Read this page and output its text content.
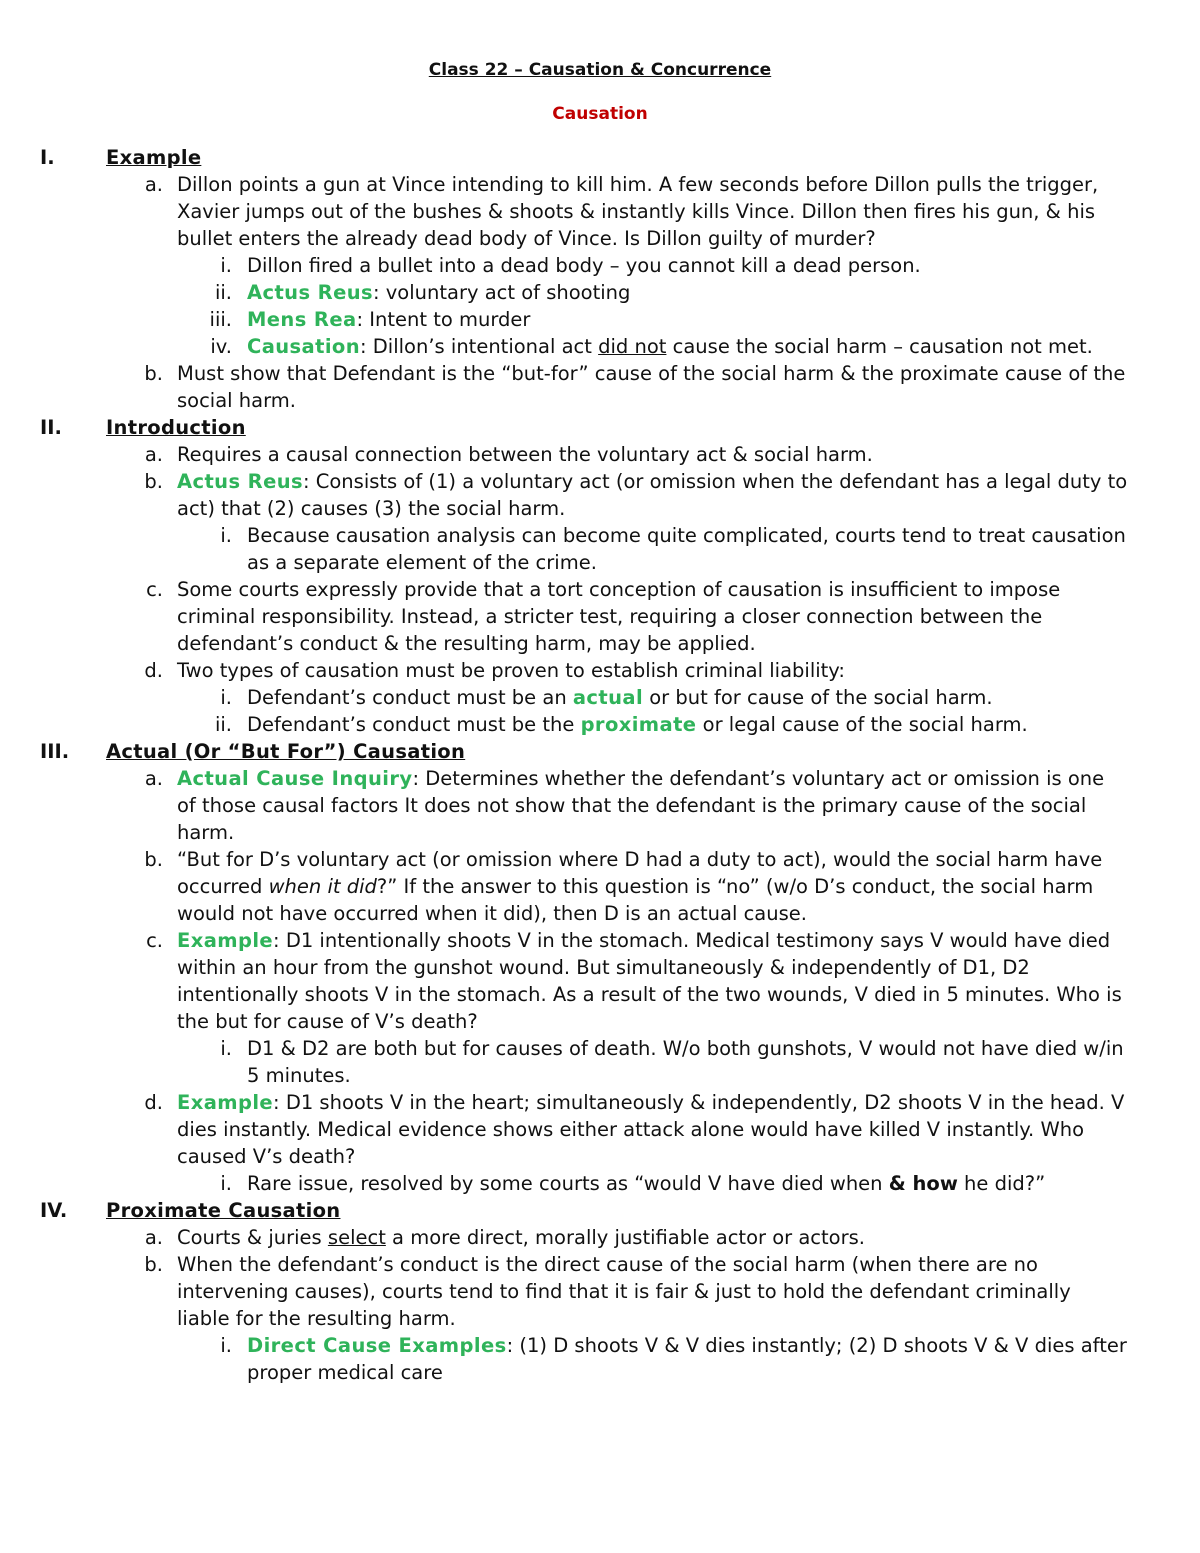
Class 22 – Causation & Concurrence
Causation
I.	Example
a. Dillon points a gun at Vince intending to kill him. A few seconds before Dillon pulls the trigger, Xavier jumps out of the bushes & shoots & instantly kills Vince. Dillon then fires his gun, & his bullet enters the already dead body of Vince. Is Dillon guilty of murder?
i. Dillon fired a bullet into a dead body – you cannot kill a dead person.
ii. Actus Reus: voluntary act of shooting
iii. Mens Rea: Intent to murder
iv. Causation: Dillon’s intentional act did not cause the social harm – causation not met.
b. Must show that Defendant is the “but-for” cause of the social harm & the proximate cause of the social harm.
II.	Introduction
a. Requires a causal connection between the voluntary act & social harm.
b. Actus Reus: Consists of (1) a voluntary act (or omission when the defendant has a legal duty to act) that (2) causes (3) the social harm.
i. Because causation analysis can become quite complicated, courts tend to treat causation as a separate element of the crime.
c. Some courts expressly provide that a tort conception of causation is insufficient to impose criminal responsibility. Instead, a stricter test, requiring a closer connection between the defendant’s conduct & the resulting harm, may be applied.
d. Two types of causation must be proven to establish criminal liability:
i. Defendant’s conduct must be an actual or but for cause of the social harm.
ii. Defendant’s conduct must be the proximate or legal cause of the social harm.
III. Actual (Or “But For”) Causation
a. Actual Cause Inquiry: Determines whether the defendant’s voluntary act or omission is one of those causal factors It does not show that the defendant is the primary cause of the social harm.
b. “But for D’s voluntary act (or omission where D had a duty to act), would the social harm have occurred when it did?” If the answer to this question is “no” (w/o D’s conduct, the social harm would not have occurred when it did), then D is an actual cause.
c. Example: D1 intentionally shoots V in the stomach. Medical testimony says V would have died within an hour from the gunshot wound. But simultaneously & independently of D1, D2 intentionally shoots V in the stomach. As a result of the two wounds, V died in 5 minutes. Who is the but for cause of V’s death?
i. D1 & D2 are both but for causes of death. W/o both gunshots, V would not have died w/in 5 minutes.
d. Example: D1 shoots V in the heart; simultaneously & independently, D2 shoots V in the head. V dies instantly. Medical evidence shows either attack alone would have killed V instantly. Who caused V’s death?
i. Rare issue, resolved by some courts as “would V have died when & how he did?”
IV. Proximate Causation
a. Courts & juries select a more direct, morally justifiable actor or actors.
b. When the defendant’s conduct is the direct cause of the social harm (when there are no intervening causes), courts tend to find that it is fair & just to hold the defendant criminally liable for the resulting harm.
i. Direct Cause Examples: (1) D shoots V & V dies instantly; (2) D shoots V & V dies after proper medical care
